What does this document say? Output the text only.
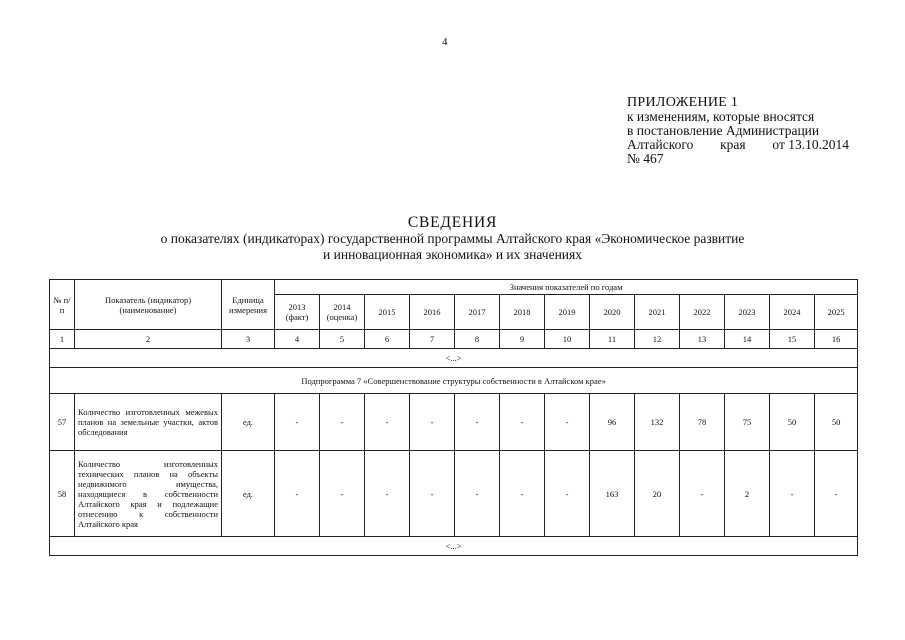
4
ПРИЛОЖЕНИЕ 1
к изменениям, которые вносятся
в постановление Администрации
Алтайского края от 13.10.2014
№ 467
СВЕДЕНИЯ
о показателях (индикаторах) государственной программы Алтайского края «Экономическое развитие
и инновационная экономика» и их значениях
№ п/п	Показатель (индикатор) (наименование)	Единица измерения	Значения показателей по годам												
			2013 (факт)	2014 (оценка)	2015	2016	2017	2018	2019	2020	2021	2022	2023	2024	2025
1	2	3	4	5	6	7	8	9	10	11	12	13	14	15	16
<...>															
Подпрограмма 7 «Совершенствование структуры собственности в Алтайском крае»															
57	Количество изготовленных межевых планов на земельные участки, актов обследования	ед.	-	-	-	-	-	-	-	96	132	78	75	50	50
58	Количество изготовленных технических планов на объекты недвижимого имущества, находящиеся в собственности Алтайского края и подлежащие отнесению к собственности Алтайского края	ед.	-	-	-	-	-	-	-	163	20	-	2	-	-
<...>															
